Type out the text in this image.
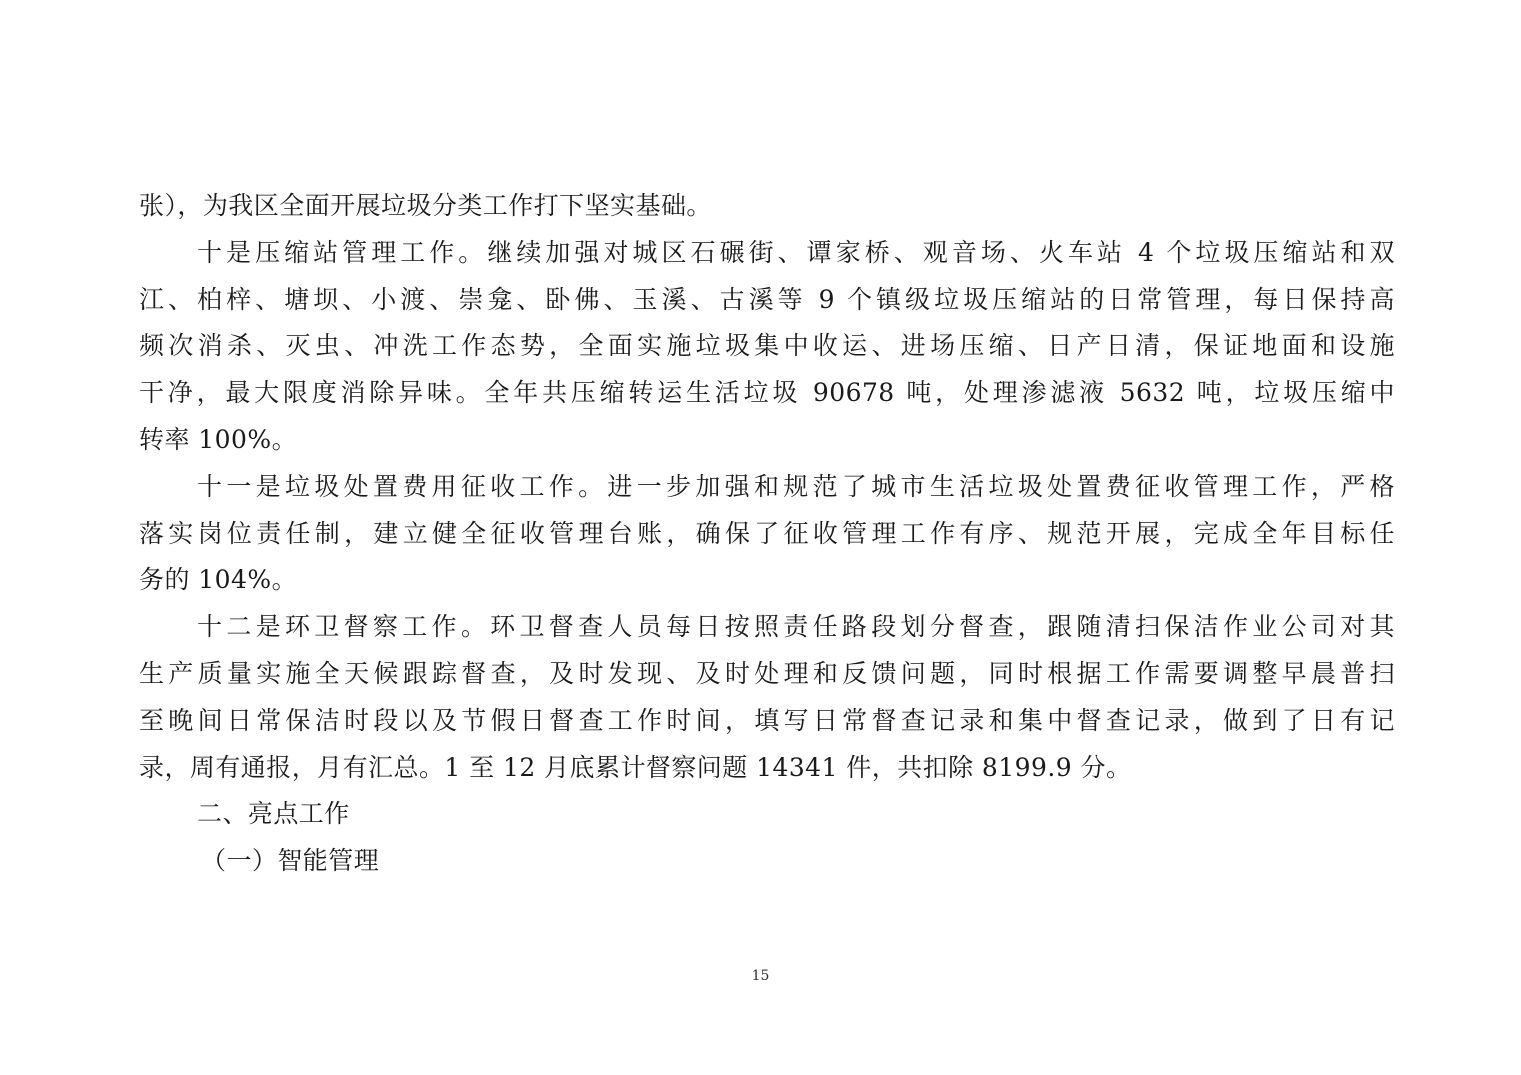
张），为我区全面开展垃圾分类工作打下坚实基础。
十是压缩站管理工作。继续加强对城区石碾街、谭家桥、观音场、火车站 4 个垃圾压缩站和双
江、柏梓、塘坝、小渡、崇龛、卧佛、玉溪、古溪等 9 个镇级垃圾压缩站的日常管理，每日保持高
频次消杀、灭虫、冲洗工作态势，全面实施垃圾集中收运、进场压缩、日产日清，保证地面和设施
干净，最大限度消除异味。全年共压缩转运生活垃圾 90678 吨，处理渗滤液 5632 吨，垃圾压缩中
转率 100%。
十一是垃圾处置费用征收工作。进一步加强和规范了城市生活垃圾处置费征收管理工作，严格
落实岗位责任制，建立健全征收管理台账，确保了征收管理工作有序、规范开展，完成全年目标任
务的 104%。
十二是环卫督察工作。环卫督查人员每日按照责任路段划分督查，跟随清扫保洁作业公司对其
生产质量实施全天候跟踪督查，及时发现、及时处理和反馈问题，同时根据工作需要调整早晨普扫
至晚间日常保洁时段以及节假日督查工作时间，填写日常督查记录和集中督查记录，做到了日有记
录，周有通报，月有汇总。1 至 12 月底累计督察问题 14341 件，共扣除 8199.9 分。
二、亮点工作
（一）智能管理
15
